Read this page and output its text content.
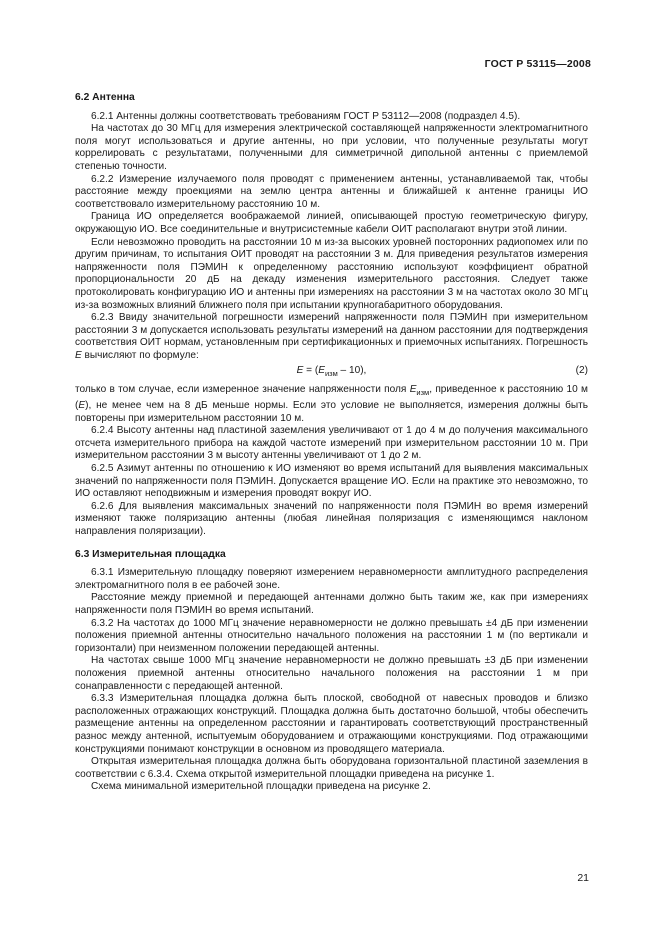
ГОСТ Р 53115—2008
6.2 Антенна

6.2.1 Антенны должны соответствовать требованиям ГОСТ Р 53112—2008 (подраздел 4.5).

На частотах до 30 МГц для измерения электрической составляющей напряженности электромагнитного поля могут использоваться и другие антенны, но при условии, что полученные результаты могут коррелировать с результатами, полученными для симметричной дипольной антенны с приемлемой степенью точности.

6.2.2 Измерение излучаемого поля проводят с применением антенны, устанавливаемой так, чтобы расстояние между проекциями на землю центра антенны и ближайшей к антенне границы ИО соответствовало измерительному расстоянию 10 м.

Граница ИО определяется воображаемой линией, описывающей простую геометрическую фигуру, окружающую ИО. Все соединительные и внутрисистемные кабели ОИТ располагают внутри этой линии.

Если невозможно проводить на расстоянии 10 м из-за высоких уровней посторонних радиопомех или по другим причинам, то испытания ОИТ проводят на расстоянии 3 м. Для приведения результатов измерения напряженности поля ПЭМИН к определенному расстоянию используют коэффициент обратной пропорциональности 20 дБ на декаду изменения измерительного расстояния. Следует также протоколировать конфигурацию ИО и антенны при измерениях на расстоянии 3 м на частотах около 30 МГц из-за возможных влияний ближнего поля при испытании крупногабаритного оборудования.

6.2.3 Ввиду значительной погрешности измерений напряженности поля ПЭМИН при измерительном расстоянии 3 м допускается использовать результаты измерений на данном расстоянии для подтверждения соответствия ОИТ нормам, установленным при сертификационных и приемочных испытаниях. Погрешность E вычисляют по формуле:

$E = (E_{изм} - 10)$,	(2)

только в том случае, если измеренное значение напряженности поля $E_{изм}$, приведенное к расстоянию 10 м (E), не менее чем на 8 дБ меньше нормы. Если это условие не выполняется, измерения должны быть повторены при измерительном расстоянии 10 м.

6.2.4 Высоту антенны над пластиной заземления увеличивают от 1 до 4 м до получения максимального отсчета измерительного прибора на каждой частоте измерений при измерительном расстоянии 10 м. При измерительном расстоянии 3 м высоту антенны увеличивают от 1 до 2 м.

6.2.5 Азимут антенны по отношению к ИО изменяют во время испытаний для выявления максимальных значений по напряженности поля ПЭМИН. Допускается вращение ИО. Если на практике это невозможно, то ИО оставляют неподвижным и измерения проводят вокруг ИО.

6.2.6 Для выявления максимальных значений по напряженности поля ПЭМИН во время измерений изменяют также поляризацию антенны (любая линейная поляризация с изменяющимся наклоном направления поляризации).

6.3 Измерительная площадка

6.3.1 Измерительную площадку поверяют измерением неравномерности амплитудного распределения электромагнитного поля в ее рабочей зоне.

Расстояние между приемной и передающей антеннами должно быть таким же, как при измерениях напряженности поля ПЭМИН во время испытаний.

6.3.2 На частотах до 1000 МГц значение неравномерности не должно превышать ±4 дБ при изменении положения приемной антенны относительно начального положения на расстоянии 1 м (по вертикали и горизонтали) при неизменном положении передающей антенны.

На частотах свыше 1000 МГц значение неравномерности не должно превышать ±3 дБ при изменении положения приемной антенны относительно начального положения на расстоянии 1 м при сонаправленности с передающей антенной.

6.3.3 Измерительная площадка должна быть плоской, свободной от навесных проводов и близко расположенных отражающих конструкций. Площадка должна быть достаточно большой, чтобы обеспечить размещение антенны на определенном расстоянии и гарантировать соответствующий пространственный разнос между антенной, испытуемым оборудованием и отражающими конструкциями. Под отражающими конструкциями понимают конструкции в основном из проводящего материала.

Открытая измерительная площадка должна быть оборудована горизонтальной пластиной заземления в соответствии с 6.3.4. Схема открытой измерительной площадки приведена на рисунке 1.

Схема минимальной измерительной площадки приведена на рисунке 2.

21
